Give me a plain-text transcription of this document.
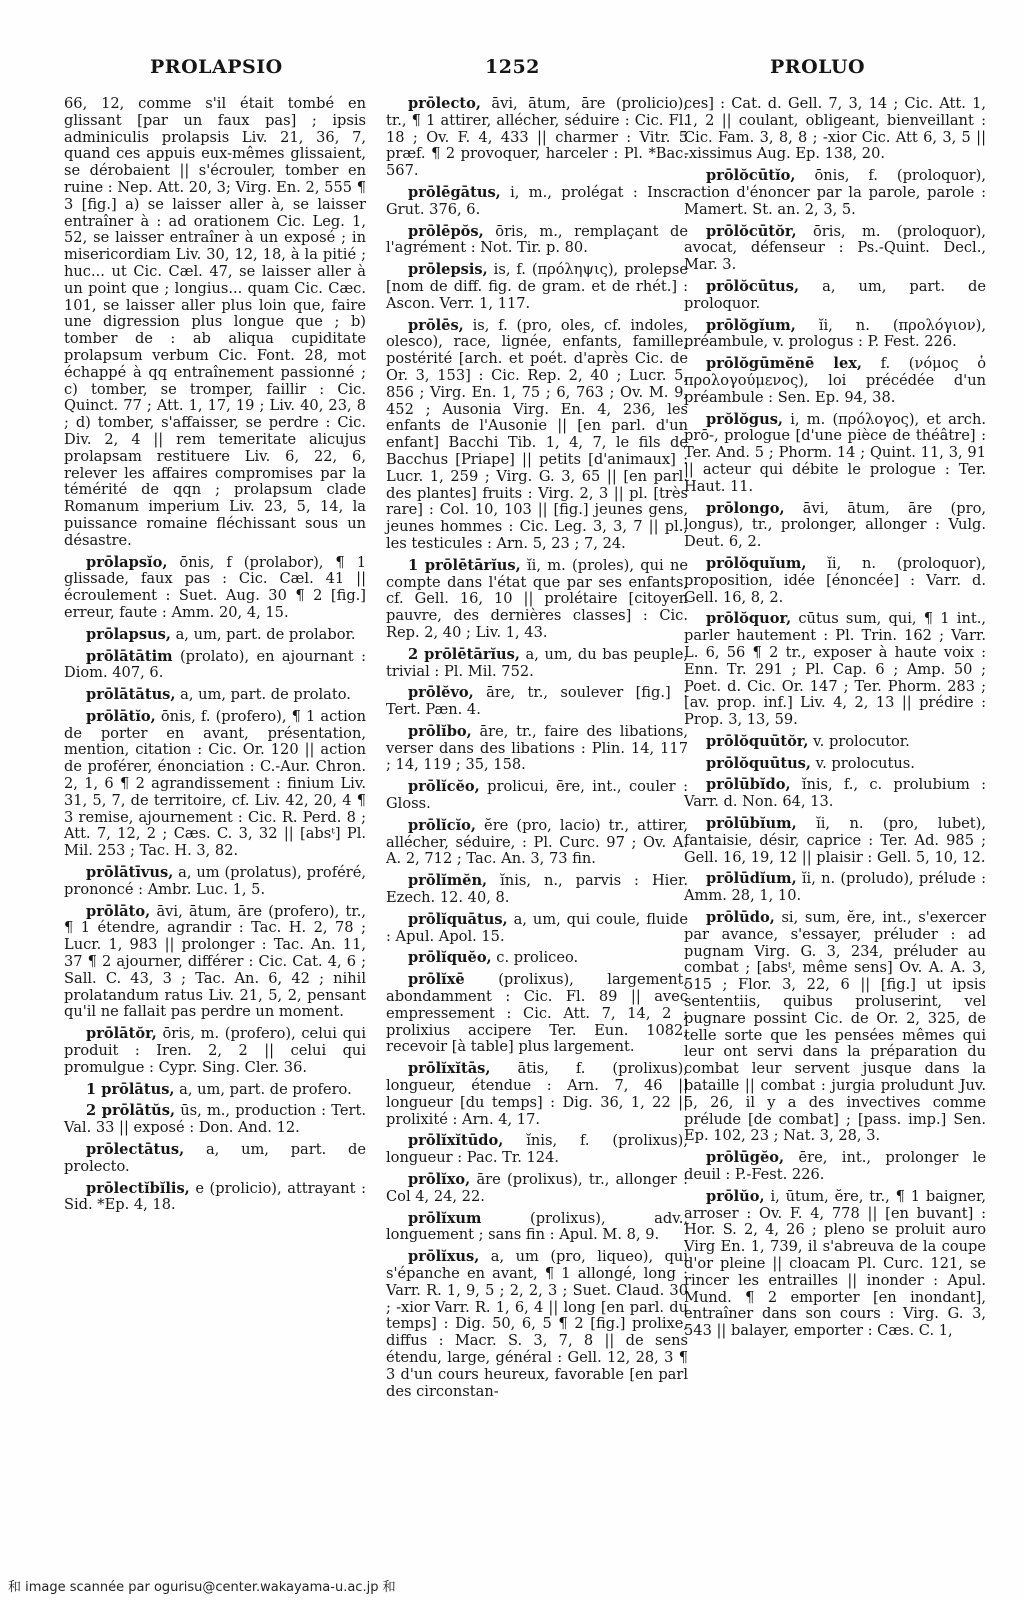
PROLAPSIO	1252	PROLUO

66, 12, comme s'il était tombé en glissant [par un faux pas] ; ipsis adminiculis prolapsis Liv. 21, 36, 7, quand ces appuis eux-mêmes glissaient, se dérobaient || s'écrouler, tomber en ruine : Nep. Att. 20, 3; Virg. En. 2, 555 ¶ 3 [fig.] a) se laisser aller à, se laisser entraîner à : ad orationem Cic. Leg. 1, 52, se laisser entraîner à un exposé ; in misericordiam Liv. 30, 12, 18, à la pitié ; huc... ut Cic. Cæl. 47, se laisser aller à un point que ; longius... quam Cic. Cæc. 101, se laisser aller plus loin que, faire une digression plus longue que ; b) tomber de : ab aliqua cupiditate prolapsum verbum Cic. Font. 28, mot échappé à qq entraînement passionné ; c) tomber, se tromper, faillir : Cic. Quinct. 77 ; Att. 1, 17, 19 ; Liv. 40, 23, 8 ; d) tomber, s'affaisser, se perdre : Cic. Div. 2, 4 || rem temeritate alicujus prolapsam restituere Liv. 6, 22, 6, relever les affaires compromises par la témérité de qqn ; prolapsum clade Romanum imperium Liv. 23, 5, 14, la puissance romaine fléchissant sous un désastre.

prōlapsĭo, ōnis, f (prolabor), ¶ 1 glissade, faux pas : Cic. Cæl. 41 || écroulement : Suet. Aug. 30 ¶ 2 [fig.] erreur, faute : Amm. 20, 4, 15.

prōlapsus, a, um, part. de prolabor.

prōlātātim (prolato), en ajournant : Diom. 407, 6.

prōlātātus, a, um, part. de prolato.

prōlātĭo, ōnis, f. (profero), ¶ 1 action de porter en avant, présentation, mention, citation : Cic. Or. 120 || action de proférer, énonciation : C.-Aur. Chron. 2, 1, 6 ¶ 2 agrandissement : finium Liv. 31, 5, 7, de territoire, cf. Liv. 42, 20, 4 ¶ 3 remise, ajournement : Cic. R. Perd. 8 ; Att. 7, 12, 2 ; Cæs. C. 3, 32 || [absᵗ] Pl. Mil. 253 ; Tac. H. 3, 82.

prōlātīvus, a, um (prolatus), proféré, prononcé : Ambr. Luc. 1, 5.

prōlāto, āvi, ātum, āre (profero), tr., ¶ 1 étendre, agrandir : Tac. H. 2, 78 ; Lucr. 1, 983 || prolonger : Tac. An. 11, 37 ¶ 2 ajourner, différer : Cic. Cat. 4, 6 ; Sall. C. 43, 3 ; Tac. An. 6, 42 ; nihil prolatandum ratus Liv. 21, 5, 2, pensant qu'il ne fallait pas perdre un moment.

prōlātŏr, ōris, m. (profero), celui qui produit : Iren. 2, 2 || celui qui promulgue : Cypr. Sing. Cler. 36.

1 prōlātus, a, um, part. de profero.

2 prōlātŭs, ūs, m., production : Tert. Val. 33 || exposé : Don. And. 12.

prōlectātus, a, um, part. de prolecto.

prōlectĭbĭlis, e (prolicio), attrayant : Sid. *Ep. 4, 18.

prōlecto, āvi, ātum, āre (prolicio), tr., ¶ 1 attirer, allécher, séduire : Cic. Fl. 18 ; Ov. F. 4, 433 || charmer : Vitr. 5 præf. ¶ 2 provoquer, harceler : Pl. *Bac. 567.

prōlēgātus, i, m., prolégat : Inscr. Grut. 376, 6.

prōlēpŏs, ōris, m., remplaçant de l'agrément : Not. Tir. p. 80.

prōlepsis, is, f. (πρόληψις), prolepse [nom de diff. fig. de gram. et de rhét.] : Ascon. Verr. 1, 117.

prōlēs, is, f. (pro, oles, cf. indoles, olesco), race, lignée, enfants, famille, postérité [arch. et poét. d'après Cic. de Or. 3, 153] : Cic. Rep. 2, 40 ; Lucr. 5, 856 ; Virg. En. 1, 75 ; 6, 763 ; Ov. M. 9, 452 ; Ausonia Virg. En. 4, 236, les enfants de l'Ausonie || [en parl. d'un enfant] Bacchi Tib. 1, 4, 7, le fils de Bacchus [Priape] || petits [d'animaux] : Lucr. 1, 259 ; Virg. G. 3, 65 || [en parl. des plantes] fruits : Virg. 2, 3 || pl. [très rare] : Col. 10, 103 || [fig.] jeunes gens, jeunes hommes : Cic. Leg. 3, 3, 7 || pl., les testicules : Arn. 5, 23 ; 7, 24.

1 prōlētārĭus, ĭi, m. (proles), qui ne compte dans l'état que par ses enfants, cf. Gell. 16, 10 || prolétaire [citoyen pauvre, des dernières classes] : Cic. Rep. 2, 40 ; Liv. 1, 43.

2 prōlētārĭus, a, um, du bas peuple, trivial : Pl. Mil. 752.

prōlĕvo, āre, tr., soulever [fig.] : Tert. Pæn. 4.

prōlĭbo, āre, tr., faire des libations, verser dans des libations : Plin. 14, 117 ; 14, 119 ; 35, 158.

prōlĭcĕo, prolicui, ēre, int., couler : Gloss.

prōlĭcĭo, ĕre (pro, lacio) tr., attirer, allécher, séduire, : Pl. Curc. 97 ; Ov. A. A. 2, 712 ; Tac. An. 3, 73 fin.

prōlĭmĕn, ĭnis, n., parvis : Hier. Ezech. 12. 40, 8.

prōlĭquātus, a, um, qui coule, fluide : Apul. Apol. 15.

prōlĭquĕo, c. proliceo.

prōlĭxē (prolixus), largement, abondamment : Cic. Fl. 89 || avec empressement : Cic. Att. 7, 14, 2 ; prolixius accipere Ter. Eun. 1082, recevoir [à table] plus largement.

prōlĭxĭtās, ātis, f. (prolixus), longueur, étendue : Arn. 7, 46 || longueur [du temps] : Dig. 36, 1, 22 || prolixité : Arn. 4, 17.

prōlĭxĭtūdo, ĭnis, f. (prolixus), longueur : Pac. Tr. 124.

prōlĭxo, āre (prolixus), tr., allonger : Col 4, 24, 22.

prōlĭxum (prolixus), adv., longuement ; sans fin : Apul. M. 8, 9.

prōlĭxus, a, um (pro, liqueo), qui s'épanche en avant, ¶ 1 allongé, long : Varr. R. 1, 9, 5 ; 2, 2, 3 ; Suet. Claud. 30 ; -xior Varr. R. 1, 6, 4 || long [en parl. du temps] : Dig. 50, 6, 5 ¶ 2 [fig.] prolixe, diffus : Macr. S. 3, 7, 8 || de sens étendu, large, général : Gell. 12, 28, 3 ¶ 3 d'un cours heureux, favorable [en parl des circonstan-

ces] : Cat. d. Gell. 7, 3, 14 ; Cic. Att. 1, 1, 2 || coulant, obligeant, bienveillant : Cic. Fam. 3, 8, 8 ; -xior Cic. Att 6, 3, 5 || -xissimus Aug. Ep. 138, 20.

prōlŏcūtĭo, ōnis, f. (proloquor), action d'énoncer par la parole, parole : Mamert. St. an. 2, 3, 5.

prōlŏcūtŏr, ōris, m. (proloquor), avocat, défenseur : Ps.-Quint. Decl., Mar. 3.

prōlŏcūtus, a, um, part. de proloquor.

prōlŏgĭum, ĭi, n. (προλόγιον), préambule, v. prologus : P. Fest. 226.

prōlŏgūmĕnē lex, f. (νόμος ὁ προλογούμενος), loi précédée d'un préambule : Sen. Ep. 94, 38.

prŏlŏgus, i, m. (πρόλογος), et arch. prō-, prologue [d'une pièce de théâtre] : Ter. And. 5 ; Phorm. 14 ; Quint. 11, 3, 91 || acteur qui débite le prologue : Ter. Haut. 11.

prōlongo, āvi, ātum, āre (pro, longus), tr., prolonger, allonger : Vulg. Deut. 6, 2.

prōlŏquĭum, ĭi, n. (proloquor), proposition, idée [énoncée] : Varr. d. Gell. 16, 8, 2.

prōlŏquor, cūtus sum, qui, ¶ 1 int., parler hautement : Pl. Trin. 162 ; Varr. L. 6, 56 ¶ 2 tr., exposer à haute voix : Enn. Tr. 291 ; Pl. Cap. 6 ; Amp. 50 ; Poet. d. Cic. Or. 147 ; Ter. Phorm. 283 ; [av. prop. inf.] Liv. 4, 2, 13 || prédire : Prop. 3, 13, 59.

prōlŏquūtŏr, v. prolocutor.

prōlŏquūtus, v. prolocutus.

prōlūbĭdo, ĭnis, f., c. prolubium : Varr. d. Non. 64, 13.

prōlūbĭum, ĭi, n. (pro, lubet), fantaisie, désir, caprice : Ter. Ad. 985 ; Gell. 16, 19, 12 || plaisir : Gell. 5, 10, 12.

prōlūdĭum, ĭi, n. (proludo), prélude : Amm. 28, 1, 10.

prōlūdo, si, sum, ĕre, int., s'exercer par avance, s'essayer, préluder : ad pugnam Virg. G. 3, 234, préluder au combat ; [absᵗ, même sens] Ov. A. A. 3, 515 ; Flor. 3, 22, 6 || [fig.] ut ipsis sententiis, quibus proluserint, vel pugnare possint Cic. de Or. 2, 325, de telle sorte que les pensées mêmes qui leur ont servi dans la préparation du combat leur servent jusque dans la bataille || combat : jurgia proludunt Juv. 5, 26, il y a des invectives comme prélude [de combat] ; [pass. imp.] Sen. Ep. 102, 23 ; Nat. 3, 28, 3.

prōlūgĕo, ēre, int., prolonger le deuil : P.-Fest. 226.

prōlŭo, i, ūtum, ĕre, tr., ¶ 1 baigner, arroser : Ov. F. 4, 778 || [en buvant] : Hor. S. 2, 4, 26 ; pleno se proluit auro Virg En. 1, 739, il s'abreuva de la coupe d'or pleine || cloacam Pl. Curc. 121, se rincer les entrailles || inonder : Apul. Mund. ¶ 2 emporter [en inondant], entraîner dans son cours : Virg. G. 3, 543 || balayer, emporter : Cæs. C. 1,

和 image scannée par ogurisu@center.wakayama-u.ac.jp 和
